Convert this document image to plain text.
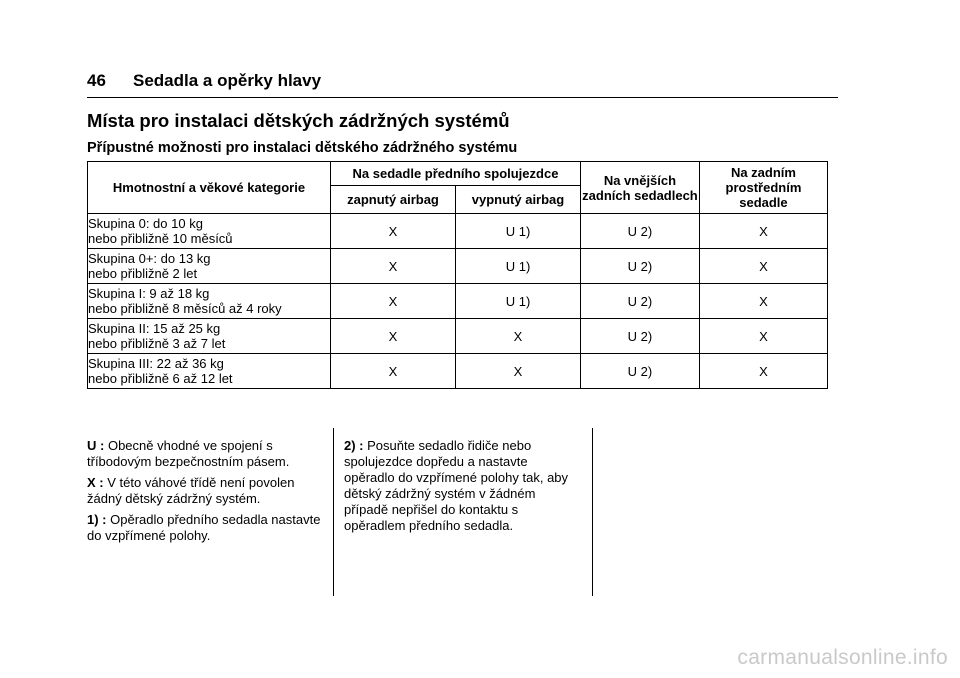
46 Sedadla a opěrky hlavy
Místa pro instalaci dětských zádržných systémů
Přípustné možnosti pro instalaci dětského zádržného systému
Hmotnostní a věkové kategorie	Na sedadle předního spolujezdce		Na vnějších zadních sedadlech	Na zadním prostředním sedadle
	zapnutý airbag	vypnutý airbag		
Skupina 0: do 10 kg
nebo přibližně 10 měsíců	X	U 1)	U 2)	X
Skupina 0+: do 13 kg
nebo přibližně 2 let	X	U 1)	U 2)	X
Skupina I: 9 až 18 kg
nebo přibližně 8 měsíců až 4 roky	X	U 1)	U 2)	X
Skupina II: 15 až 25 kg
nebo přibližně 3 až 7 let	X	X	U 2)	X
Skupina III: 22 až 36 kg
nebo přibližně 6 až 12 let	X	X	U 2)	X

U : Obecně vhodné ve spojení s tříbodovým bezpečnostním pásem.

X : V této váhové třídě není povolen žádný dětský zádržný systém.

1) : Opěradlo předního sedadla nastavte do vzpřímené polohy.

2) : Posuňte sedadlo řidiče nebo spolujezdce dopředu a nastavte opěradlo do vzpřímené polohy tak, aby dětský zádržný systém v žádném případě nepřišel do kontaktu s opěradlem předního sedadla.

carmanualsonline.info
